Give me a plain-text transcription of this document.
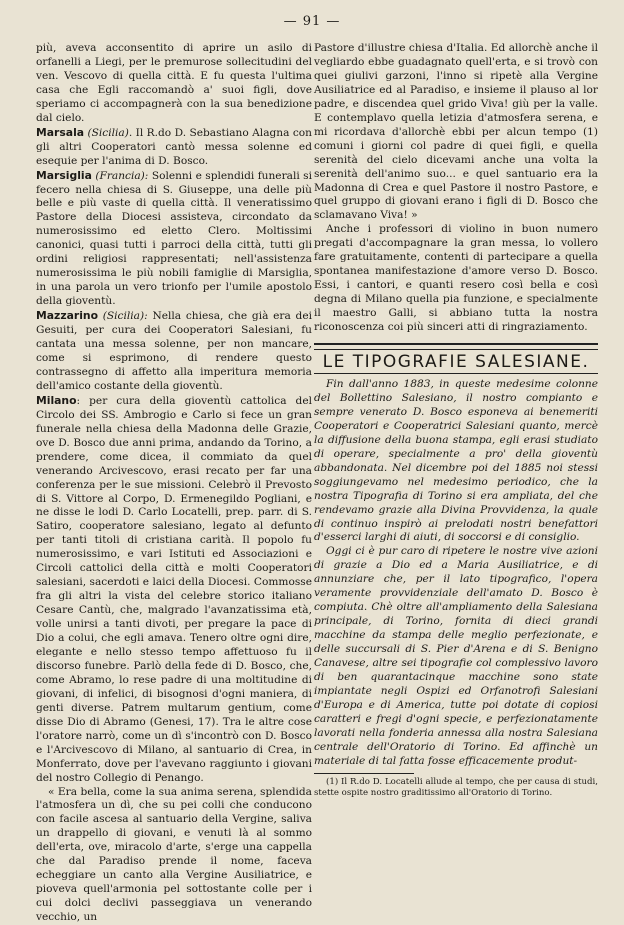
— 91 —

più, aveva acconsentito di aprire un asilo di orfanelli a Liegi, per le premurose sollecitudini del ven. Vescovo di quella città. E fu questa l'ultima casa che Egli raccomandò a' suoi figli, dove speriamo ci accompagnerà con la sua benedizione dal cielo.

Marsala (Sicilia). Il R.do D. Sebastiano Alagna con gli altri Cooperatori cantò messa solenne ed esequie per l'anima di D. Bosco.

Marsiglia (Francia): Solenni e splendidi funerali si fecero nella chiesa di S. Giuseppe, una delle più belle e più vaste di quella città. Il veneratissimo Pastore della Diocesi assisteva, circondato da numerosissimo ed eletto Clero. Moltissimi canonici, quasi tutti i parroci della città, tutti gli ordini religiosi rappresentati; nell'assistenza numerosissima le più nobili famiglie di Marsiglia, in una parola un vero trionfo per l'umile apostolo della gioventù.

Mazzarino (Sicilia): Nella chiesa, che già era dei Gesuiti, per cura dei Cooperatori Salesiani, fu cantata una messa solenne, per non mancare, come si esprimono, di rendere questo contrassegno di affetto alla imperitura memoria dell'amico costante della gioventù.

Milano: per cura della gioventù cattolica del Circolo dei SS. Ambrogio e Carlo si fece un gran funerale nella chiesa della Madonna delle Grazie, ove D. Bosco due anni prima, andando da Torino, a prendere, come dicea, il commiato da quel venerando Arcivescovo, erasi recato per far una conferenza per le sue missioni. Celebrò il Prevosto di S. Vittore al Corpo, D. Ermenegildo Pogliani, e ne disse le lodi D. Carlo Locatelli, prep. parr. di S. Satiro, cooperatore salesiano, legato al defunto per tanti titoli di cristiana carità. Il popolo fu numerosissimo, e vari Istituti ed Associazioni e Circoli cattolici della città e molti Cooperatori salesiani, sacerdoti e laici della Diocesi. Commosse fra gli altri la vista del celebre storico italiano Cesare Cantù, che, malgrado l'avanzatissima età, volle unirsi a tanti divoti, per pregare la pace di Dio a colui, che egli amava. Tenero oltre ogni dire, elegante e nello stesso tempo affettuoso fu il discorso funebre. Parlò della fede di D. Bosco, che, come Abramo, lo rese padre di una moltitudine di giovani, di infelici, di bisognosi d'ogni maniera, di genti diverse. Patrem multarum gentium, come disse Dio di Abramo (Genesi, 17). Tra le altre cose l'oratore narrò, come un dì s'incontrò con D. Bosco e l'Arcivescovo di Milano, al santuario di Crea, in Monferrato, dove per l'avevano raggiunto i giovani del nostro Collegio di Penango.

« Era bella, come la sua anima serena, splendida l'atmosfera un dì, che su pei colli che conducono con facile ascesa al santuario della Vergine, saliva un drappello di giovani, e venuti là al sommo dell'erta, ove, miracolo d'arte, s'erge una cappella che dal Paradiso prende il nome, faceva echeggiare un canto alla Vergine Ausiliatrice, e pioveva quell'armonia pel sottostante colle per i cui dolci declivi passeggiava un venerando vecchio, un

Pastore d'illustre chiesa d'Italia. Ed allorchè anche il vegliardo ebbe guadagnato quell'erta, e si trovò con quei giulivi garzoni, l'inno si ripetè alla Vergine Ausiliatrice ed al Paradiso, e insieme il plauso al lor padre, e discendea quel grido Viva! giù per la valle. E contemplavo quella letizia d'atmosfera serena, e mi ricordava d'allorchè ebbi per alcun tempo (1) comuni i giorni col padre di quei figli, e quella serenità del cielo dicevami anche una volta la serenità dell'animo suo... e quel santuario era la Madonna di Crea e quel Pastore il nostro Pastore, e quel gruppo di giovani erano i figli di D. Bosco che sclamavano Viva! »

Anche i professori di violino in buon numero pregati d'accompagnare la gran messa, lo vollero fare gratuitamente, contenti di partecipare a quella spontanea manifestazione d'amore verso D. Bosco. Essi, i cantori, e quanti resero così bella e così degna di Milano quella pia funzione, e specialmente il maestro Galli, si abbiano tutta la nostra riconoscenza coi più sinceri atti di ringraziamento.

LE TIPOGRAFIE SALESIANE.

Fin dall'anno 1883, in queste medesime colonne del Bollettino Salesiano, il nostro compianto e sempre venerato D. Bosco esponeva ai benemeriti Cooperatori e Cooperatrici Salesiani quanto, mercè la diffusione della buona stampa, egli erasi studiato di operare, specialmente a pro' della gioventù abbandonata. Nel dicembre poi del 1885 noi stessi soggiungevamo nel medesimo periodico, che la nostra Tipografia di Torino si era ampliata, del che rendevamo grazie alla Divina Provvidenza, la quale di continuo inspirò ai prelodati nostri benefattori d'esserci larghi di aiuti, di soccorsi e di consiglio.

Oggi ci è pur caro di ripetere le nostre vive azioni di grazie a Dio ed a Maria Ausiliatrice, e di annunziare che, per il lato tipografico, l'opera veramente provvidenziale dell'amato D. Bosco è compiuta. Chè oltre all'ampliamento della Salesiana principale, di Torino, fornita di dieci grandi macchine da stampa delle meglio perfezionate, e delle succursali di S. Pier d'Arena e di S. Benigno Canavese, altre sei tipografie col complessivo lavoro di ben quarantacinque macchine sono state impiantate negli Ospizi ed Orfanotrofi Salesiani d'Europa e di America, tutte poi dotate di copiosi caratteri e fregi d'ogni specie, e perfezionatamente lavorati nella fonderia annessa alla nostra Salesiana centrale dell'Oratorio di Torino. Ed affinchè un materiale di tal fatta fosse efficacemente produt-

(1) Il R.do D. Locatelli allude al tempo, che per causa di studi, stette ospite nostro graditissimo all'Oratorio di Torino.
